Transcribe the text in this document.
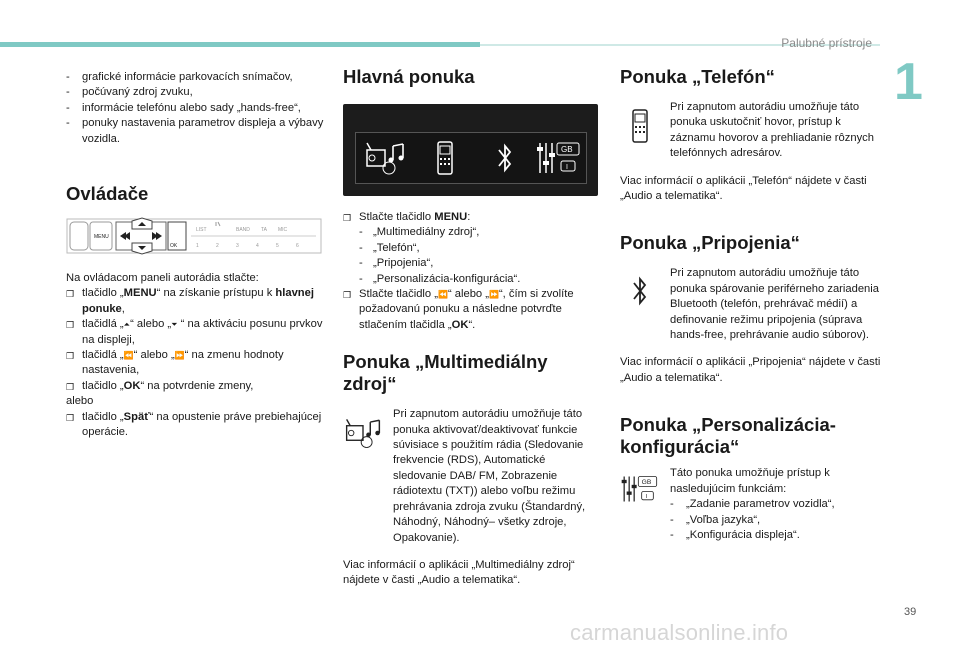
Palubné prístroje
1
- grafické informácie parkovacích snímačov,
- počúvaný zdroj zvuku,
- informácie telefónu alebo sady „hands-free“,
- ponuky nastavenia parametrov displeja a výbavy vozidla.
Ovládače
LIST	BAND TA MIC
1	2	3	4	5	6
MENU
OK
Na ovládacom paneli autorádia stlačte:
❒ tlačidlo „MENU“ na získanie prístupu k hlavnej ponuke,
❒ tlačidlá „⏶“ alebo „⏷ “ na aktiváciu posunu prvkov na displeji,
❒ tlačidlá „⏪“ alebo „⏩“ na zmenu hodnoty nastavenia,
❒ tlačidlo „OK“ na potvrdenie zmeny,
alebo
❒ tlačidlo „Späť“ na opustenie práve prebiehajúcej operácie.
Hlavná ponuka
GB
I
❒ Stlačte tlačidlo MENU:
- „Multimediálny zdroj“,
- „Telefón“,
- „Pripojenia“,
- „Personalizácia-konfigurácia“.
❒ Stlačte tlačidlo „⏪“ alebo „⏩“, čím si zvolíte požadovanú ponuku a následne potvrďte stlačením tlačidla „OK“.
Ponuka „Multimediálny zdroj“
Pri zapnutom autorádiu umožňuje táto ponuka aktivovať/deaktivovať funkcie súvisiace s použitím rádia (Sledovanie frekvencie (RDS), Automatické sledovanie DAB/ FM, Zobrazenie rádiotextu (TXT)) alebo voľbu režimu prehrávania zdroja zvuku (Štandardný, Náhodný, Náhodný– všetky zdroje, Opakovanie).
Viac informácií o aplikácii „Multimediálny zdroj“ nájdete v časti „Audio a telematika“.
Ponuka „Telefón“
Pri zapnutom autorádiu umožňuje táto ponuka uskutočniť hovor, prístup k záznamu hovorov a prehliadanie rôznych telefónnych adresárov.
Viac informácií o aplikácii „Telefón“ nájdete v časti „Audio a telematika“.
Ponuka „Pripojenia“
Pri zapnutom autorádiu umožňuje táto ponuka spárovanie periférneho zariadenia Bluetooth (telefón, prehrávač médií) a definovanie režimu pripojenia (súprava hands-free, prehrávanie audio súborov).
Viac informácií o aplikácii „Pripojenia“ nájdete v časti „Audio a telematika“.
Ponuka „Personalizácia-konfigurácia“
GB
I
Táto ponuka umožňuje prístup k nasledujúcim funkciám:
- „Zadanie parametrov vozidla“,
- „Voľba jazyka“,
- „Konfigurácia displeja“.
39
carmanualsonline.info
